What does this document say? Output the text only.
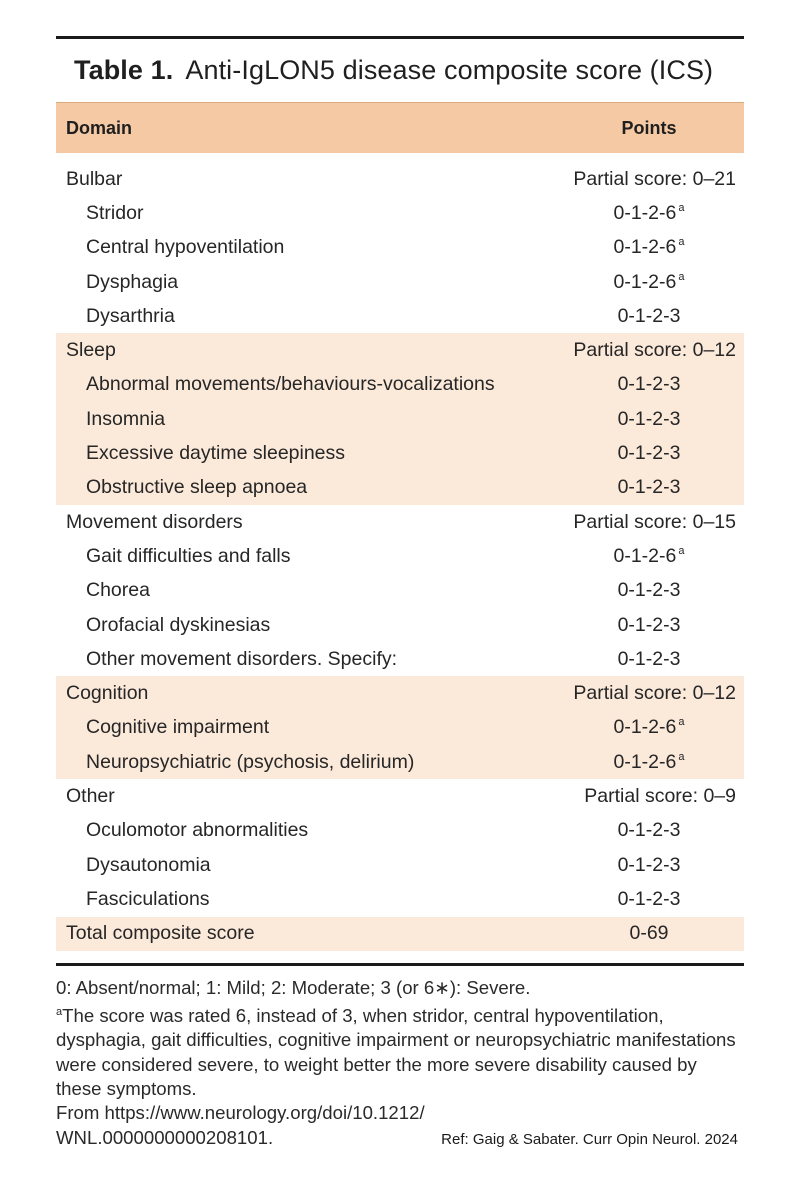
Table 1. Anti-IgLON5 disease composite score (ICS)
Domain	Points
Bulbar	Partial score: 0–21
Stridor	0-1-2-6 $^a$
Central hypoventilation	0-1-2-6 $^a$
Dysphagia	0-1-2-6 $^a$
Dysarthria	0-1-2-3
Sleep	Partial score: 0–12
Abnormal movements/behaviours-vocalizations	0-1-2-3
Insomnia	0-1-2-3
Excessive daytime sleepiness	0-1-2-3
Obstructive sleep apnoea	0-1-2-3
Movement disorders	Partial score: 0–15
Gait difficulties and falls	0-1-2-6 $^a$
Chorea	0-1-2-3
Orofacial dyskinesias	0-1-2-3
Other movement disorders. Specify:	0-1-2-3
Cognition	Partial score: 0–12
Cognitive impairment	0-1-2-6 $^a$
Neuropsychiatric (psychosis, delirium)	0-1-2-6 $^a$
Other	Partial score: 0–9
Oculomotor abnormalities	0-1-2-3
Dysautonomia	0-1-2-3
Fasciculations	0-1-2-3
Total composite score	0-69

0: Absent/normal; 1: Mild; 2: Moderate; 3 (or 6∗): Severe.

$^a$The score was rated 6, instead of 3, when stridor, central hypoventilation, dysphagia, gait difficulties, cognitive impairment or neuropsychiatric manifestations were considered severe, to weight better the more severe disability caused by these symptoms.

From https://www.neurology.org/doi/10.1212/

WNL.0000000000208101.	Ref: Gaig & Sabater. Curr Opin Neurol. 2024
